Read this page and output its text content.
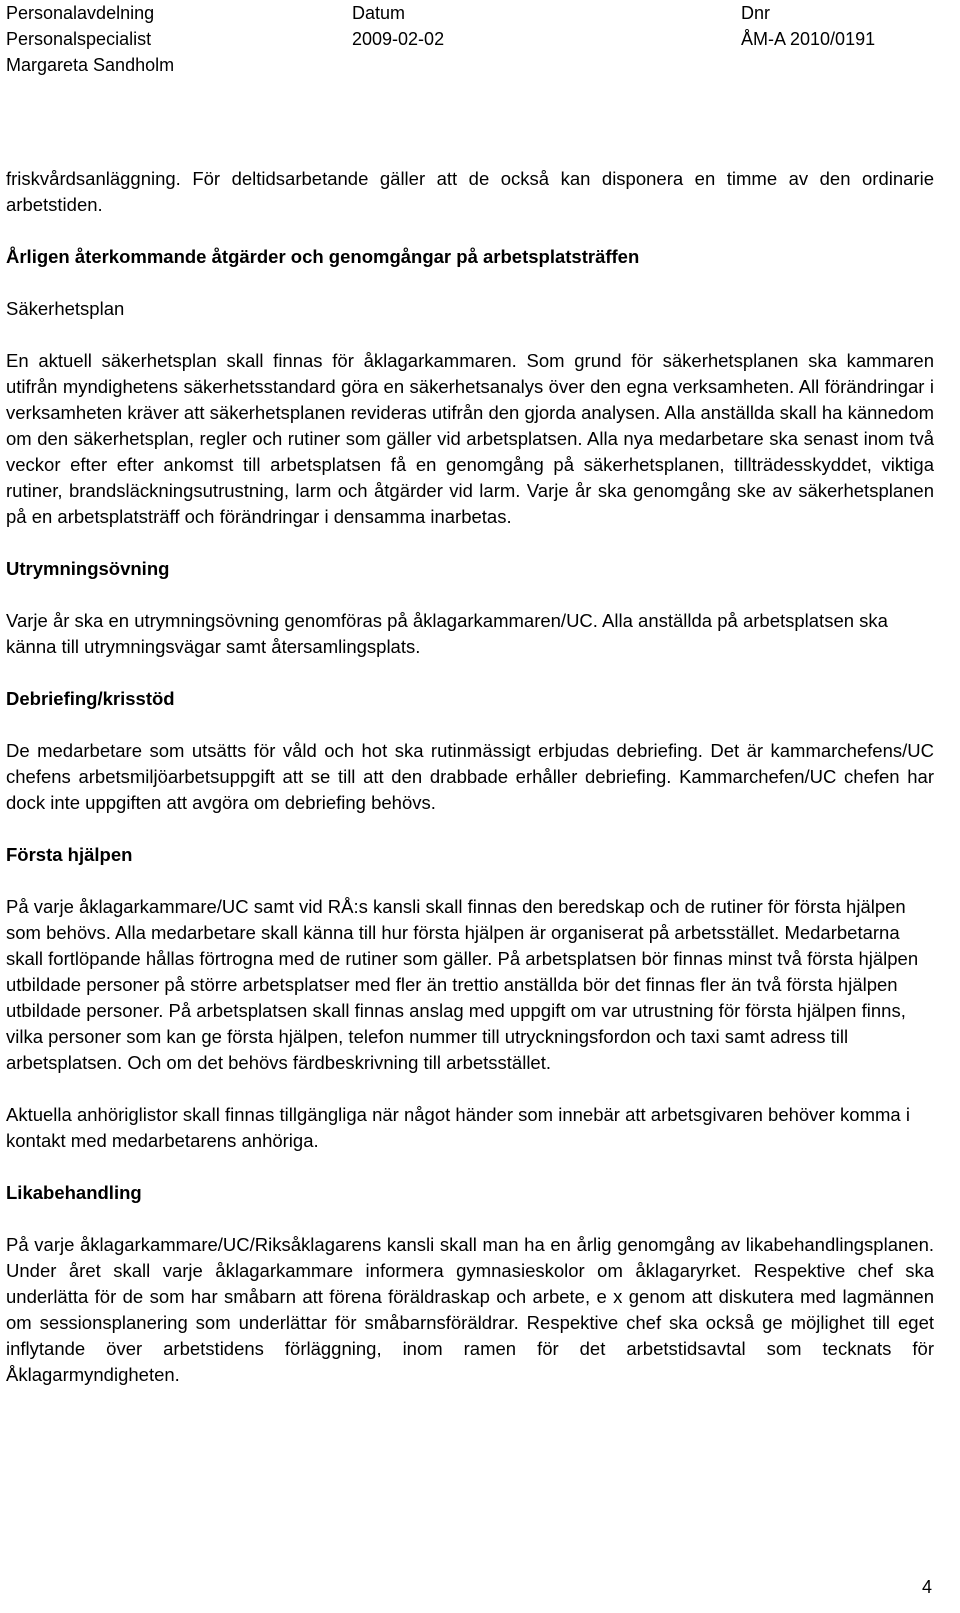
Personalavdelning
Personalspecialist
Margareta Sandholm
Datum
2009-02-02
Dnr
ÅM-A 2010/0191

friskvårdsanläggning. För deltidsarbetande gäller att de också kan disponera en timme av den ordinarie arbetstiden.

Årligen återkommande åtgärder och genomgångar på arbetsplatsträffen

Säkerhetsplan

En aktuell säkerhetsplan skall finnas för åklagarkammaren. Som grund för säkerhetsplanen ska kammaren utifrån myndighetens säkerhetsstandard göra en säkerhetsanalys över den egna verksamheten. All förändringar i verksamheten kräver att säkerhetsplanen revideras utifrån den gjorda analysen. Alla anställda skall ha kännedom om den säkerhetsplan, regler och rutiner som gäller vid arbetsplatsen. Alla nya medarbetare ska senast inom två veckor efter efter ankomst till arbetsplatsen få en genomgång på säkerhetsplanen, tillträdesskyddet, viktiga rutiner, brandsläckningsutrustning, larm och åtgärder vid larm. Varje år ska genomgång ske av säkerhetsplanen på en arbetsplatsträff och förändringar i densamma inarbetas.

Utrymningsövning

Varje år ska en utrymningsövning genomföras på åklagarkammaren/UC. Alla anställda på arbetsplatsen ska känna till utrymningsvägar samt återsamlingsplats.

Debriefing/krisstöd

De medarbetare som utsätts för våld och hot ska rutinmässigt erbjudas debriefing. Det är kammarchefens/UC chefens arbetsmiljöarbetsuppgift att se till att den drabbade erhåller debriefing. Kammarchefen/UC chefen har dock inte uppgiften att avgöra om debriefing behövs.

Första hjälpen

På varje åklagarkammare/UC samt vid RÅ:s kansli skall finnas den beredskap och de rutiner för första hjälpen som behövs. Alla medarbetare skall känna till hur första hjälpen är organiserat på arbetsstället. Medarbetarna skall fortlöpande hållas förtrogna med de rutiner som gäller. På arbetsplatsen bör finnas minst två första hjälpen utbildade personer på större arbetsplatser med fler än trettio anställda bör det finnas fler än två första hjälpen utbildade personer. På arbetsplatsen skall finnas anslag med uppgift om var utrustning för första hjälpen finns, vilka personer som kan ge första hjälpen, telefon nummer till utryckningsfordon och taxi samt adress till arbetsplatsen. Och om det behövs färdbeskrivning till arbetsstället.

Aktuella anhöriglistor skall finnas tillgängliga när något händer som innebär att arbetsgivaren behöver komma i kontakt med medarbetarens anhöriga.

Likabehandling

På varje åklagarkammare/UC/Riksåklagarens kansli skall man ha en årlig genomgång av likabehandlingsplanen. Under året skall varje åklagarkammare informera gymnasieskolor om åklagaryrket. Respektive chef ska underlätta för de som har småbarn att förena föräldraskap och arbete, e x genom att diskutera med lagmännen om sessionsplanering som underlättar för småbarnsföräldrar. Respektive chef ska också ge möjlighet till eget inflytande över arbetstidens förläggning, inom ramen för det arbetstidsavtal som tecknats för Åklagarmyndigheten.

4
